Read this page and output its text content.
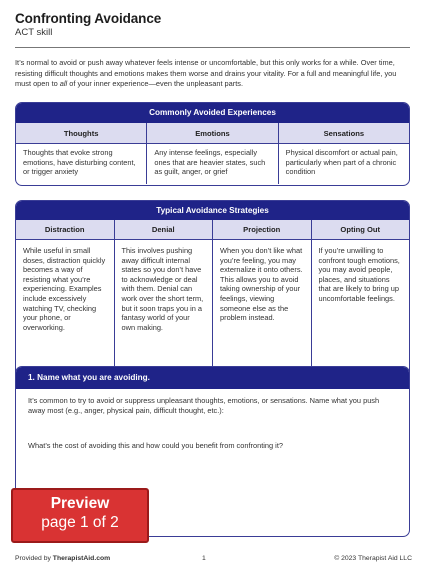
Confronting Avoidance
ACT skill

It’s normal to avoid or push away whatever feels intense or uncomfortable, but this only works for a while. Over time, resisting difficult thoughts and emotions makes them worse and drains your vitality. For a full and meaningful life, you must open to all of your inner experience—even the unpleasant parts.

Commonly Avoided Experiences
Thoughts
Thoughts that evoke strong emotions, have disturbing content, or trigger anxiety
Emotions
Any intense feelings, especially ones that are heavier states, such as guilt, anger, or grief
Sensations
Physical discomfort or actual pain, particularly when part of a chronic condition
Typical Avoidance Strategies
Distraction
While useful in small doses, distraction quickly becomes a way of resisting what you’re experiencing. Examples include excessively watching TV, checking your phone, or overworking.
Denial
This involves pushing away difficult internal states so you don’t have to acknowledge or deal with them. Denial can work over the short term, but it soon traps you in a fantasy world of your own making.
Projection
When you don’t like what you’re feeling, you may externalize it onto others. This allows you to avoid taking ownership of your feelings, viewing someone else as the problem instead.
Opting Out
If you’re unwilling to confront tough emotions, you may avoid people, places, and situations that are likely to bring up uncomfortable feelings.
1. Name what you are avoiding.

It’s common to try to avoid or suppress unpleasant thoughts, emotions, or sensations. Name what you push away most (e.g., anger, physical pain, difficult thought, etc.):

What’s the cost of avoiding this and how could you benefit from confronting it?

Preview
page 1 of 2
Provided by TherapistAid.com	1	© 2023 Therapist Aid LLC
